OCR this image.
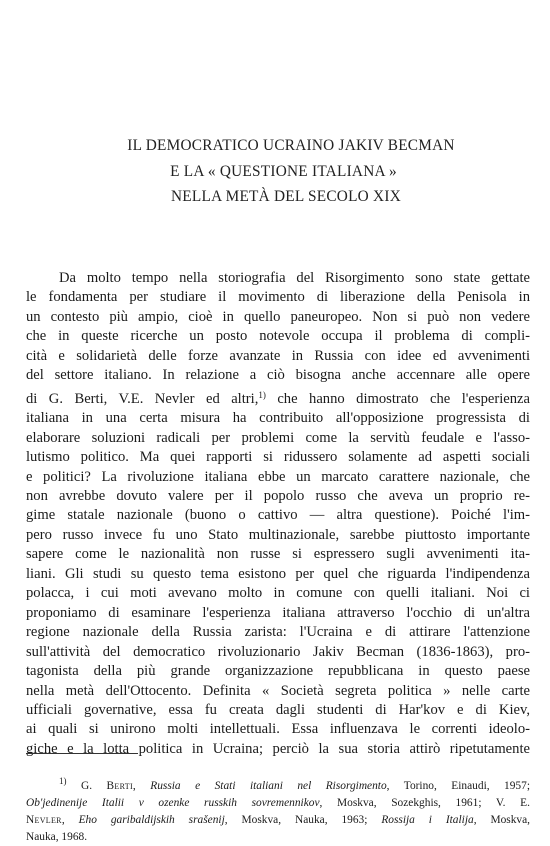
IL DEMOCRATICO UCRAINO JAKIV BECMAN
E LA « QUESTIONE ITALIANA »
NELLA METÀ DEL SECOLO XIX
Da molto tempo nella storiografia del Risorgimento sono state gettate
le fondamenta per studiare il movimento di liberazione della Penisola in
un contesto più ampio, cioè in quello paneuropeo. Non si può non vedere
che in queste ricerche un posto notevole occupa il problema di compli-
cità e solidarietà delle forze avanzate in Russia con idee ed avvenimenti
del settore italiano. In relazione a ciò bisogna anche accennare alle opere
di G. Berti, V.E. Nevler ed altri,$^{1)}$ che hanno dimostrato che l'esperienza
italiana in una certa misura ha contribuito all'opposizione progressista di
elaborare soluzioni radicali per problemi come la servitù feudale e l'asso-
lutismo politico. Ma quei rapporti si ridussero solamente ad aspetti sociali
e politici? La rivoluzione italiana ebbe un marcato carattere nazionale, che
non avrebbe dovuto valere per il popolo russo che aveva un proprio re-
gime statale nazionale (buono o cattivo — altra questione). Poiché l'im-
pero russo invece fu uno Stato multinazionale, sarebbe piuttosto importante
sapere come le nazionalità non russe si espressero sugli avvenimenti ita-
liani. Gli studi su questo tema esistono per quel che riguarda l'indipendenza
polacca, i cui moti avevano molto in comune con quelli italiani. Noi ci
proponiamo di esaminare l'esperienza italiana attraverso l'occhio di un'altra
regione nazionale della Russia zarista: l'Ucraina e di attirare l'attenzione
sull'attività del democratico rivoluzionario Jakiv Becman (1836-1863), pro-
tagonista della più grande organizzazione repubblicana in questo paese
nella metà dell'Ottocento. Definita « Società segreta politica » nelle carte
ufficiali governative, essa fu creata dagli studenti di Har'kov e di Kiev,
ai quali si unirono molti intellettuali. Essa influenzava le correnti ideolo-
giche e la lotta politica in Ucraina; perciò la sua storia attirò ripetutamente
$^{1)}$ G. Berti, Russia e Stati italiani nel Risorgimento, Torino, Einaudi, 1957;
Ob'jedinenije Italii v ozenke russkih sovremennikov, Moskva, Sozekghis, 1961; V. E.
Nevler, Eho garibaldijskih srašenij, Moskva, Nauka, 1963; Rossija i Italija, Moskva,
Nauka, 1968.
